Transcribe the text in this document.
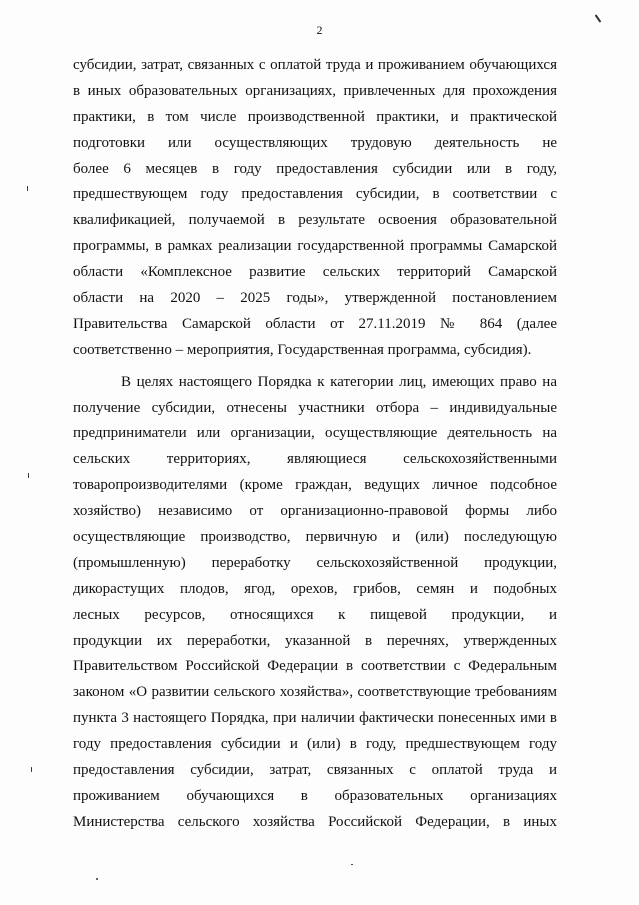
2
субсидии, затрат, связанных с оплатой труда и проживанием обучающихся
в иных образовательных организациях, привлеченных для прохождения
практики, в том числе производственной практики, и практической
подготовки или осуществляющих трудовую деятельность не
более 6 месяцев в году предоставления субсидии или в году,
предшествующем году предоставления субсидии, в соответствии с
квалификацией, получаемой в результате освоения образовательной
программы, в рамках реализации государственной программы Самарской
области «Комплексное развитие сельских территорий Самарской
области на 2020 – 2025 годы», утвержденной постановлением
Правительства Самарской области от 27.11.2019 № 864 (далее
соответственно – мероприятия, Государственная программа, субсидия).
В целях настоящего Порядка к категории лиц, имеющих право на
получение субсидии, отнесены участники отбора – индивидуальные
предприниматели или организации, осуществляющие деятельность на
сельских территориях, являющиеся сельскохозяйственными
товаропроизводителями (кроме граждан, ведущих личное подсобное
хозяйство) независимо от организационно-правовой формы либо
осуществляющие производство, первичную и (или) последующую
(промышленную) переработку сельскохозяйственной продукции,
дикорастущих плодов, ягод, орехов, грибов, семян и подобных
лесных ресурсов, относящихся к пищевой продукции, и
продукции их переработки, указанной в перечнях, утвержденных
Правительством Российской Федерации в соответствии с Федеральным
законом «О развитии сельского хозяйства», соответствующие требованиям
пункта 3 настоящего Порядка, при наличии фактически понесенных ими в
году предоставления субсидии и (или) в году, предшествующем году
предоставления субсидии, затрат, связанных с оплатой труда и
проживанием обучающихся в образовательных организациях
Министерства сельского хозяйства Российской Федерации, в иных
